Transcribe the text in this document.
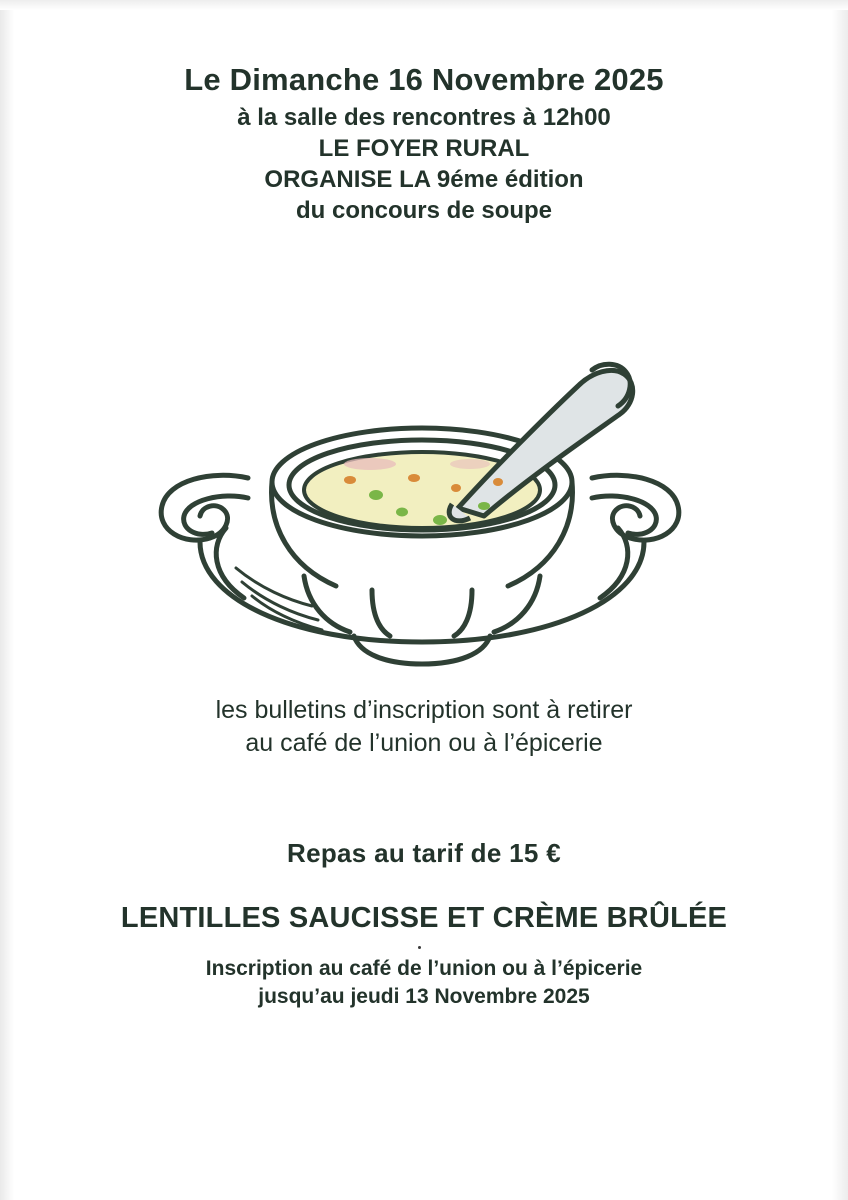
Le Dimanche 16 Novembre 2025
à la salle des rencontres à 12h00
LE FOYER RURAL
ORGANISE LA 9éme édition
du concours de soupe
les bulletins d’inscription sont à retirer
au café de l’union ou à l’épicerie
Repas au tarif de 15 €
LENTILLES SAUCISSE ET CRÈME BRÛLÉE
Inscription au café de l’union ou à l’épicerie
jusqu’au jeudi 13 Novembre 2025
